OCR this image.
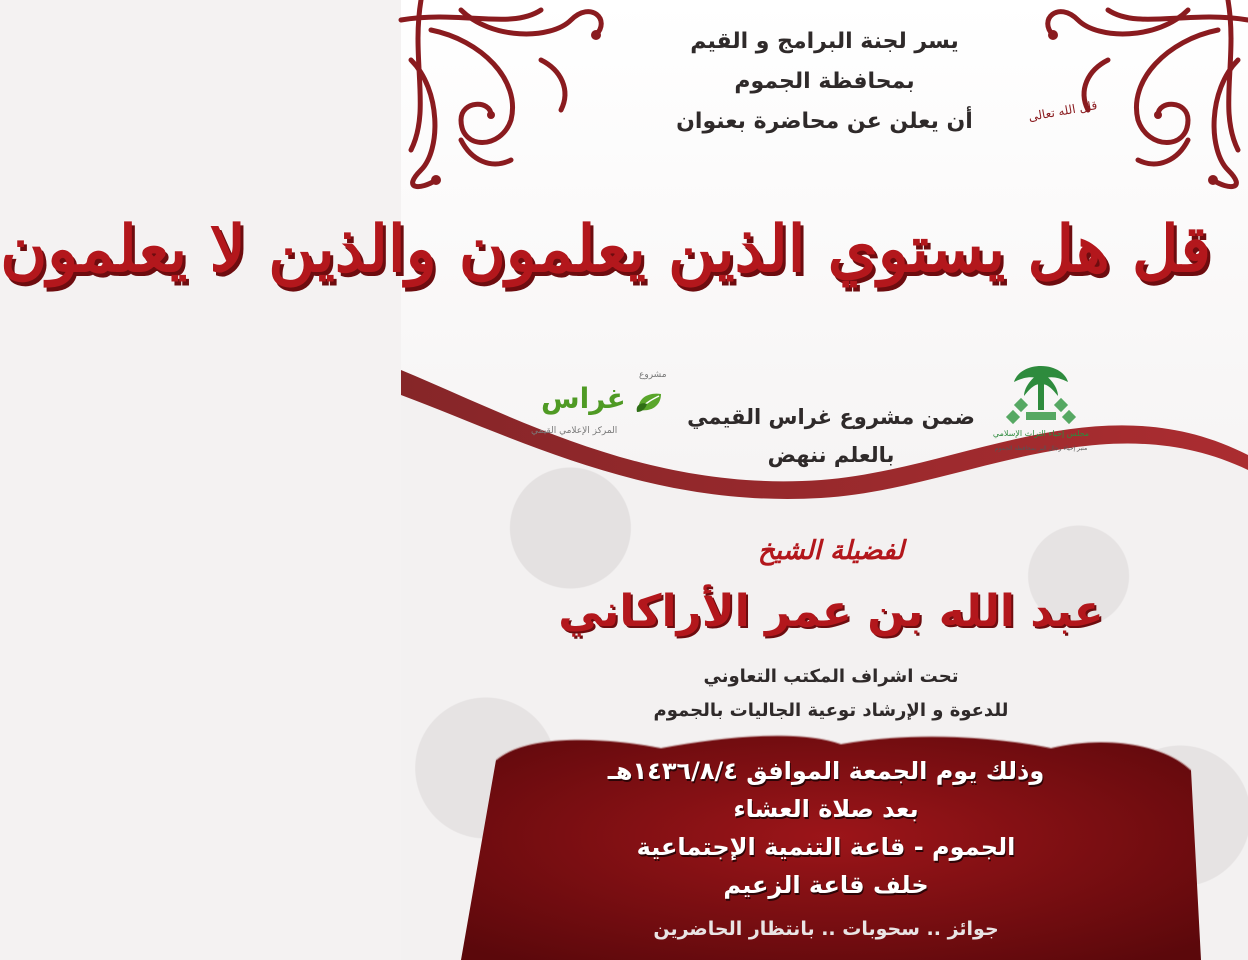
يسر لجنة البرامج و القيم
بمحافظة الجموم
أن يعلن عن محاضرة بعنوان	قال الله تعالى
قل هل يستوي الذين يعلمون والذين لا يعلمون
مشروع
غراس
المركز الإعلامي القيمي	مجلس إحياء التراث الإسلامي
منبر إحياء رجال البر بمحافظة الجموم
ضمن مشروع غراس القيمي
بالعلم ننهض
لفضيلة الشيخ
عبد الله بن عمر الأراكاني
تحت اشراف المكتب التعاوني
للدعوة و الإرشاد توعية الجاليات بالجموم
وذلك يوم الجمعة الموافق ١٤٣٦/٨/٤هـ
بعد صلاة العشاء
الجموم - قاعة التنمية الإجتماعية
خلف قاعة الزعيم
جوائز .. سحوبات .. بانتظار الحاضرين
